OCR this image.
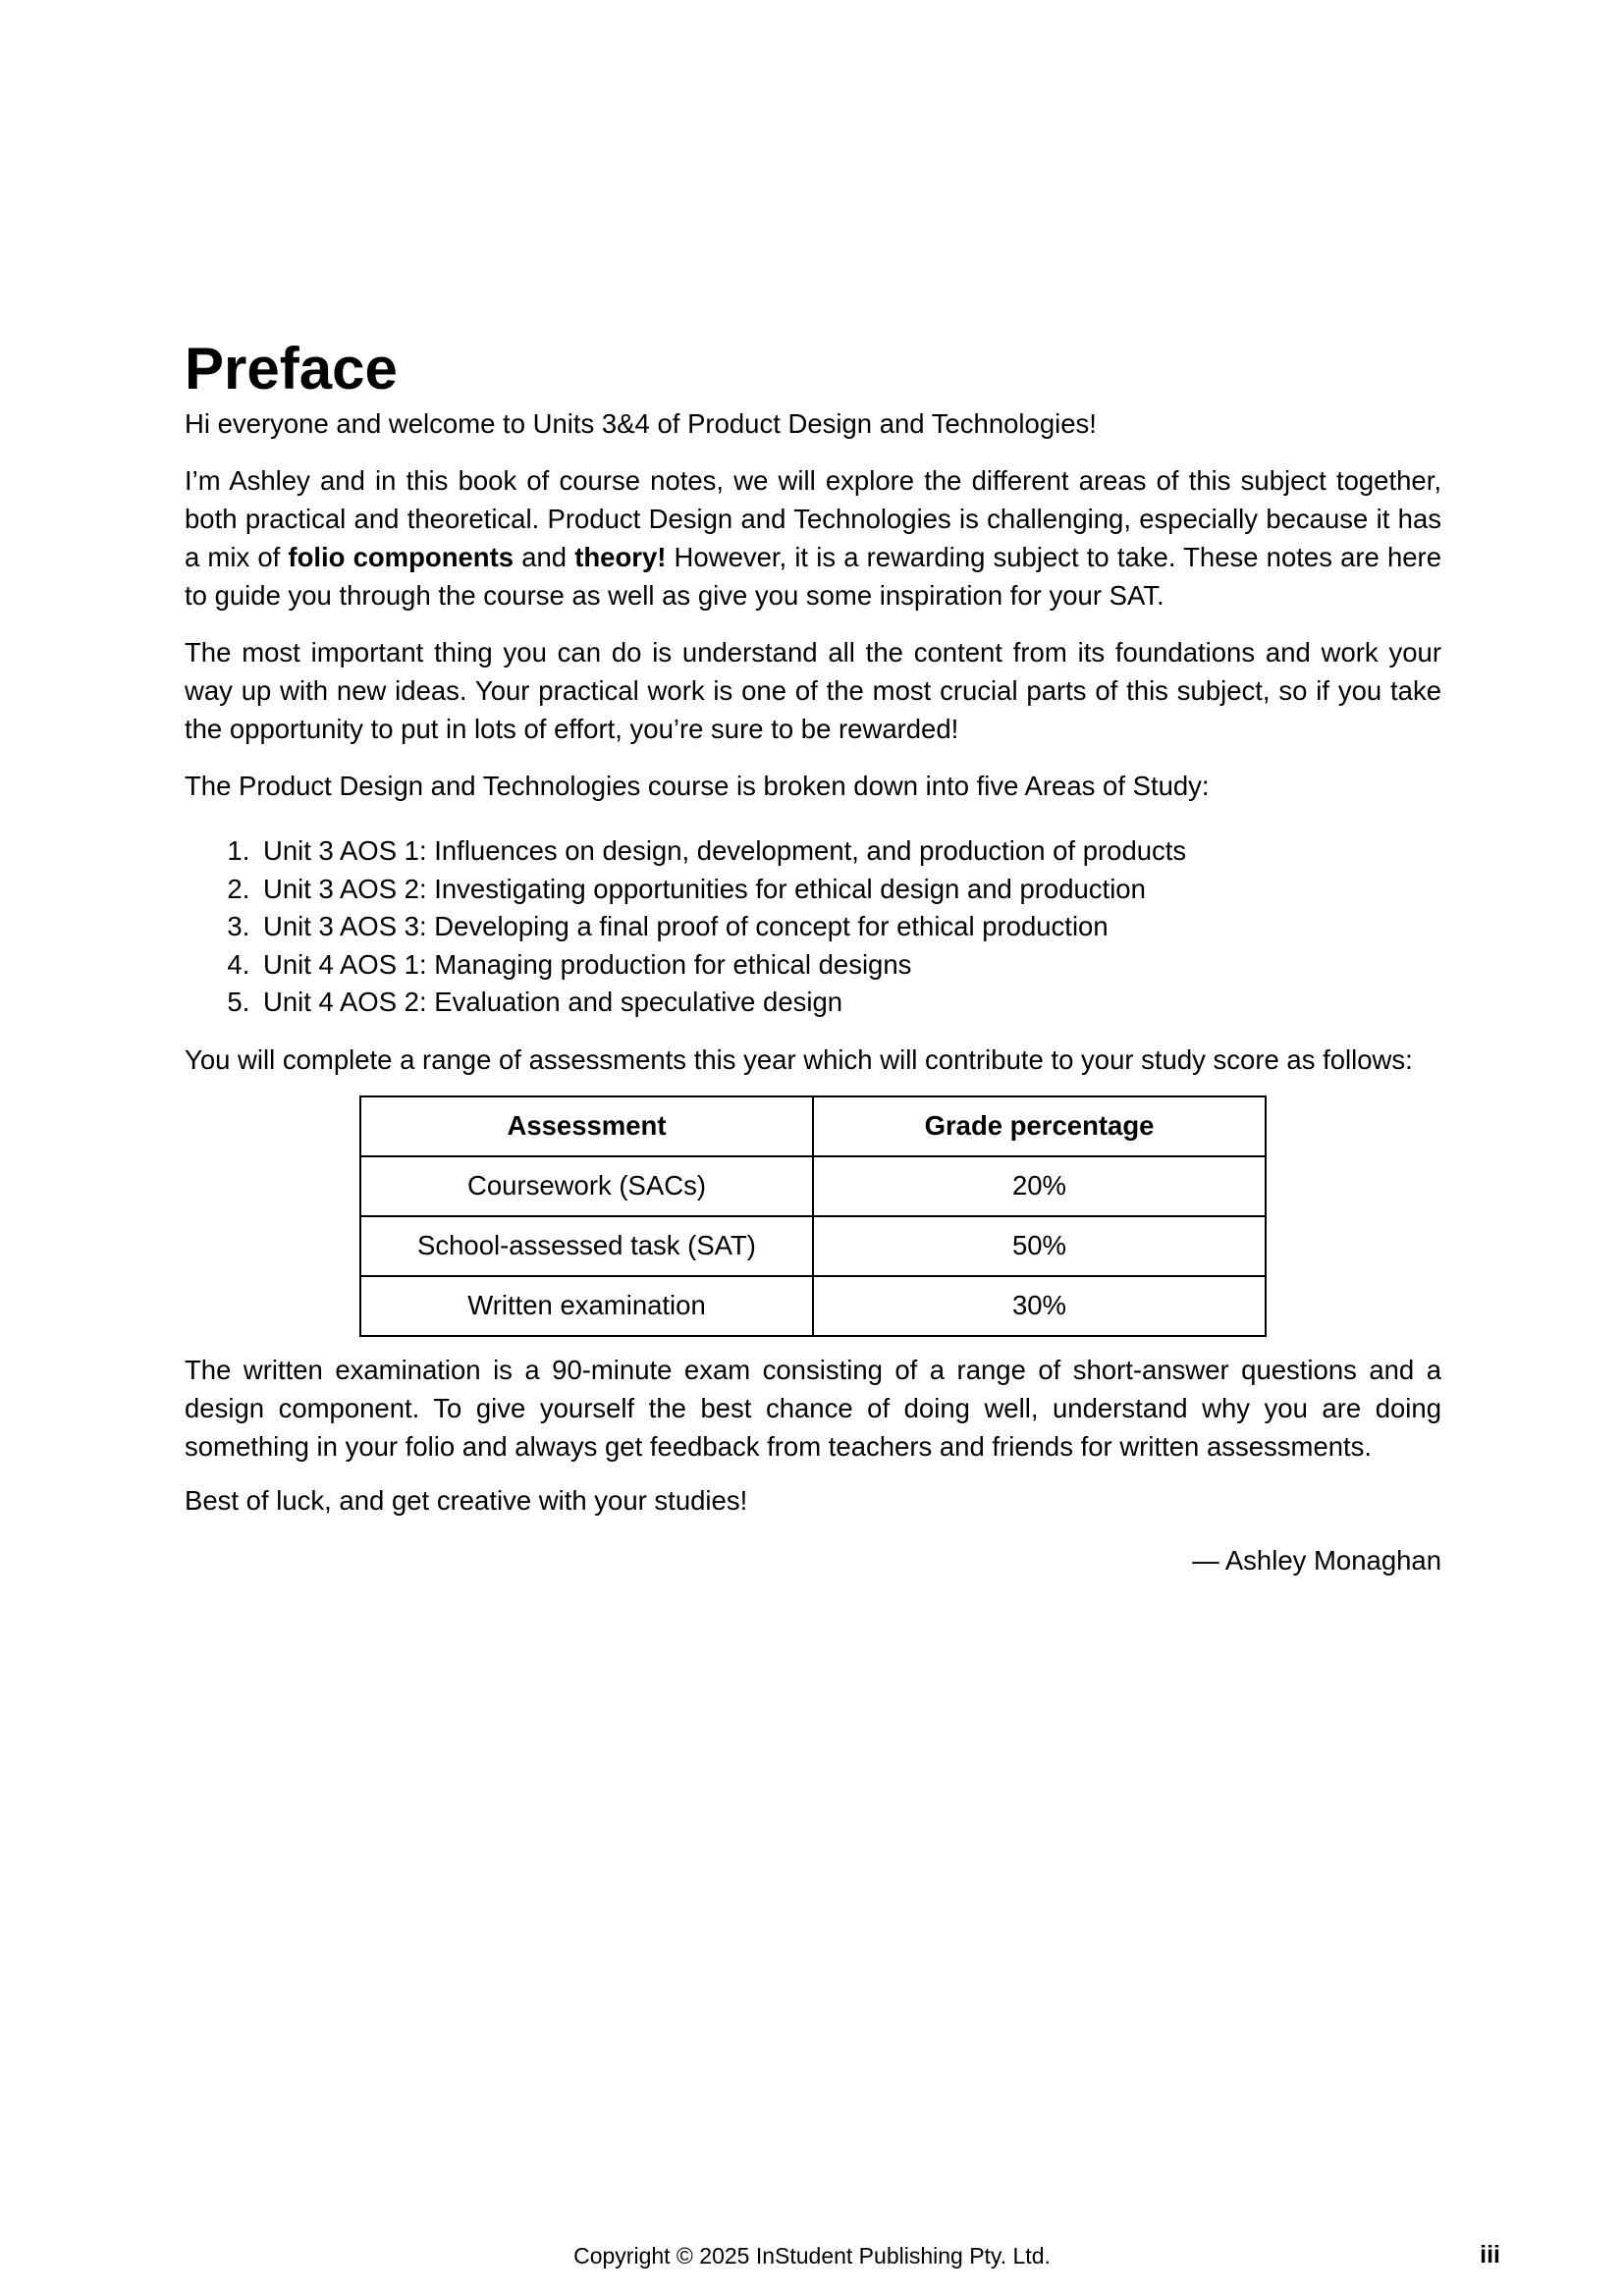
Preface

Hi everyone and welcome to Units 3&4 of Product Design and Technologies!

I’m Ashley and in this book of course notes, we will explore the different areas of this subject together, both practical and theoretical. Product Design and Technologies is challenging, especially because it has a mix of folio components and theory! However, it is a rewarding subject to take. These notes are here to guide you through the course as well as give you some inspiration for your SAT.

The most important thing you can do is understand all the content from its foundations and work your way up with new ideas. Your practical work is one of the most crucial parts of this subject, so if you take the opportunity to put in lots of effort, you’re sure to be rewarded!

The Product Design and Technologies course is broken down into five Areas of Study:

1. Unit 3 AOS 1: Influences on design, development, and production of products
2. Unit 3 AOS 2: Investigating opportunities for ethical design and production
3. Unit 3 AOS 3: Developing a final proof of concept for ethical production
4. Unit 4 AOS 1: Managing production for ethical designs
5. Unit 4 AOS 2: Evaluation and speculative design

You will complete a range of assessments this year which will contribute to your study score as follows:

Assessment	Grade percentage
Coursework (SACs)	20%
School-assessed task (SAT)	50%
Written examination	30%

The written examination is a 90-minute exam consisting of a range of short-answer questions and a design component. To give yourself the best chance of doing well, understand why you are doing something in your folio and always get feedback from teachers and friends for written assessments.

Best of luck, and get creative with your studies!

— Ashley Monaghan

Copyright © 2025 InStudent Publishing Pty. Ltd.	iii
